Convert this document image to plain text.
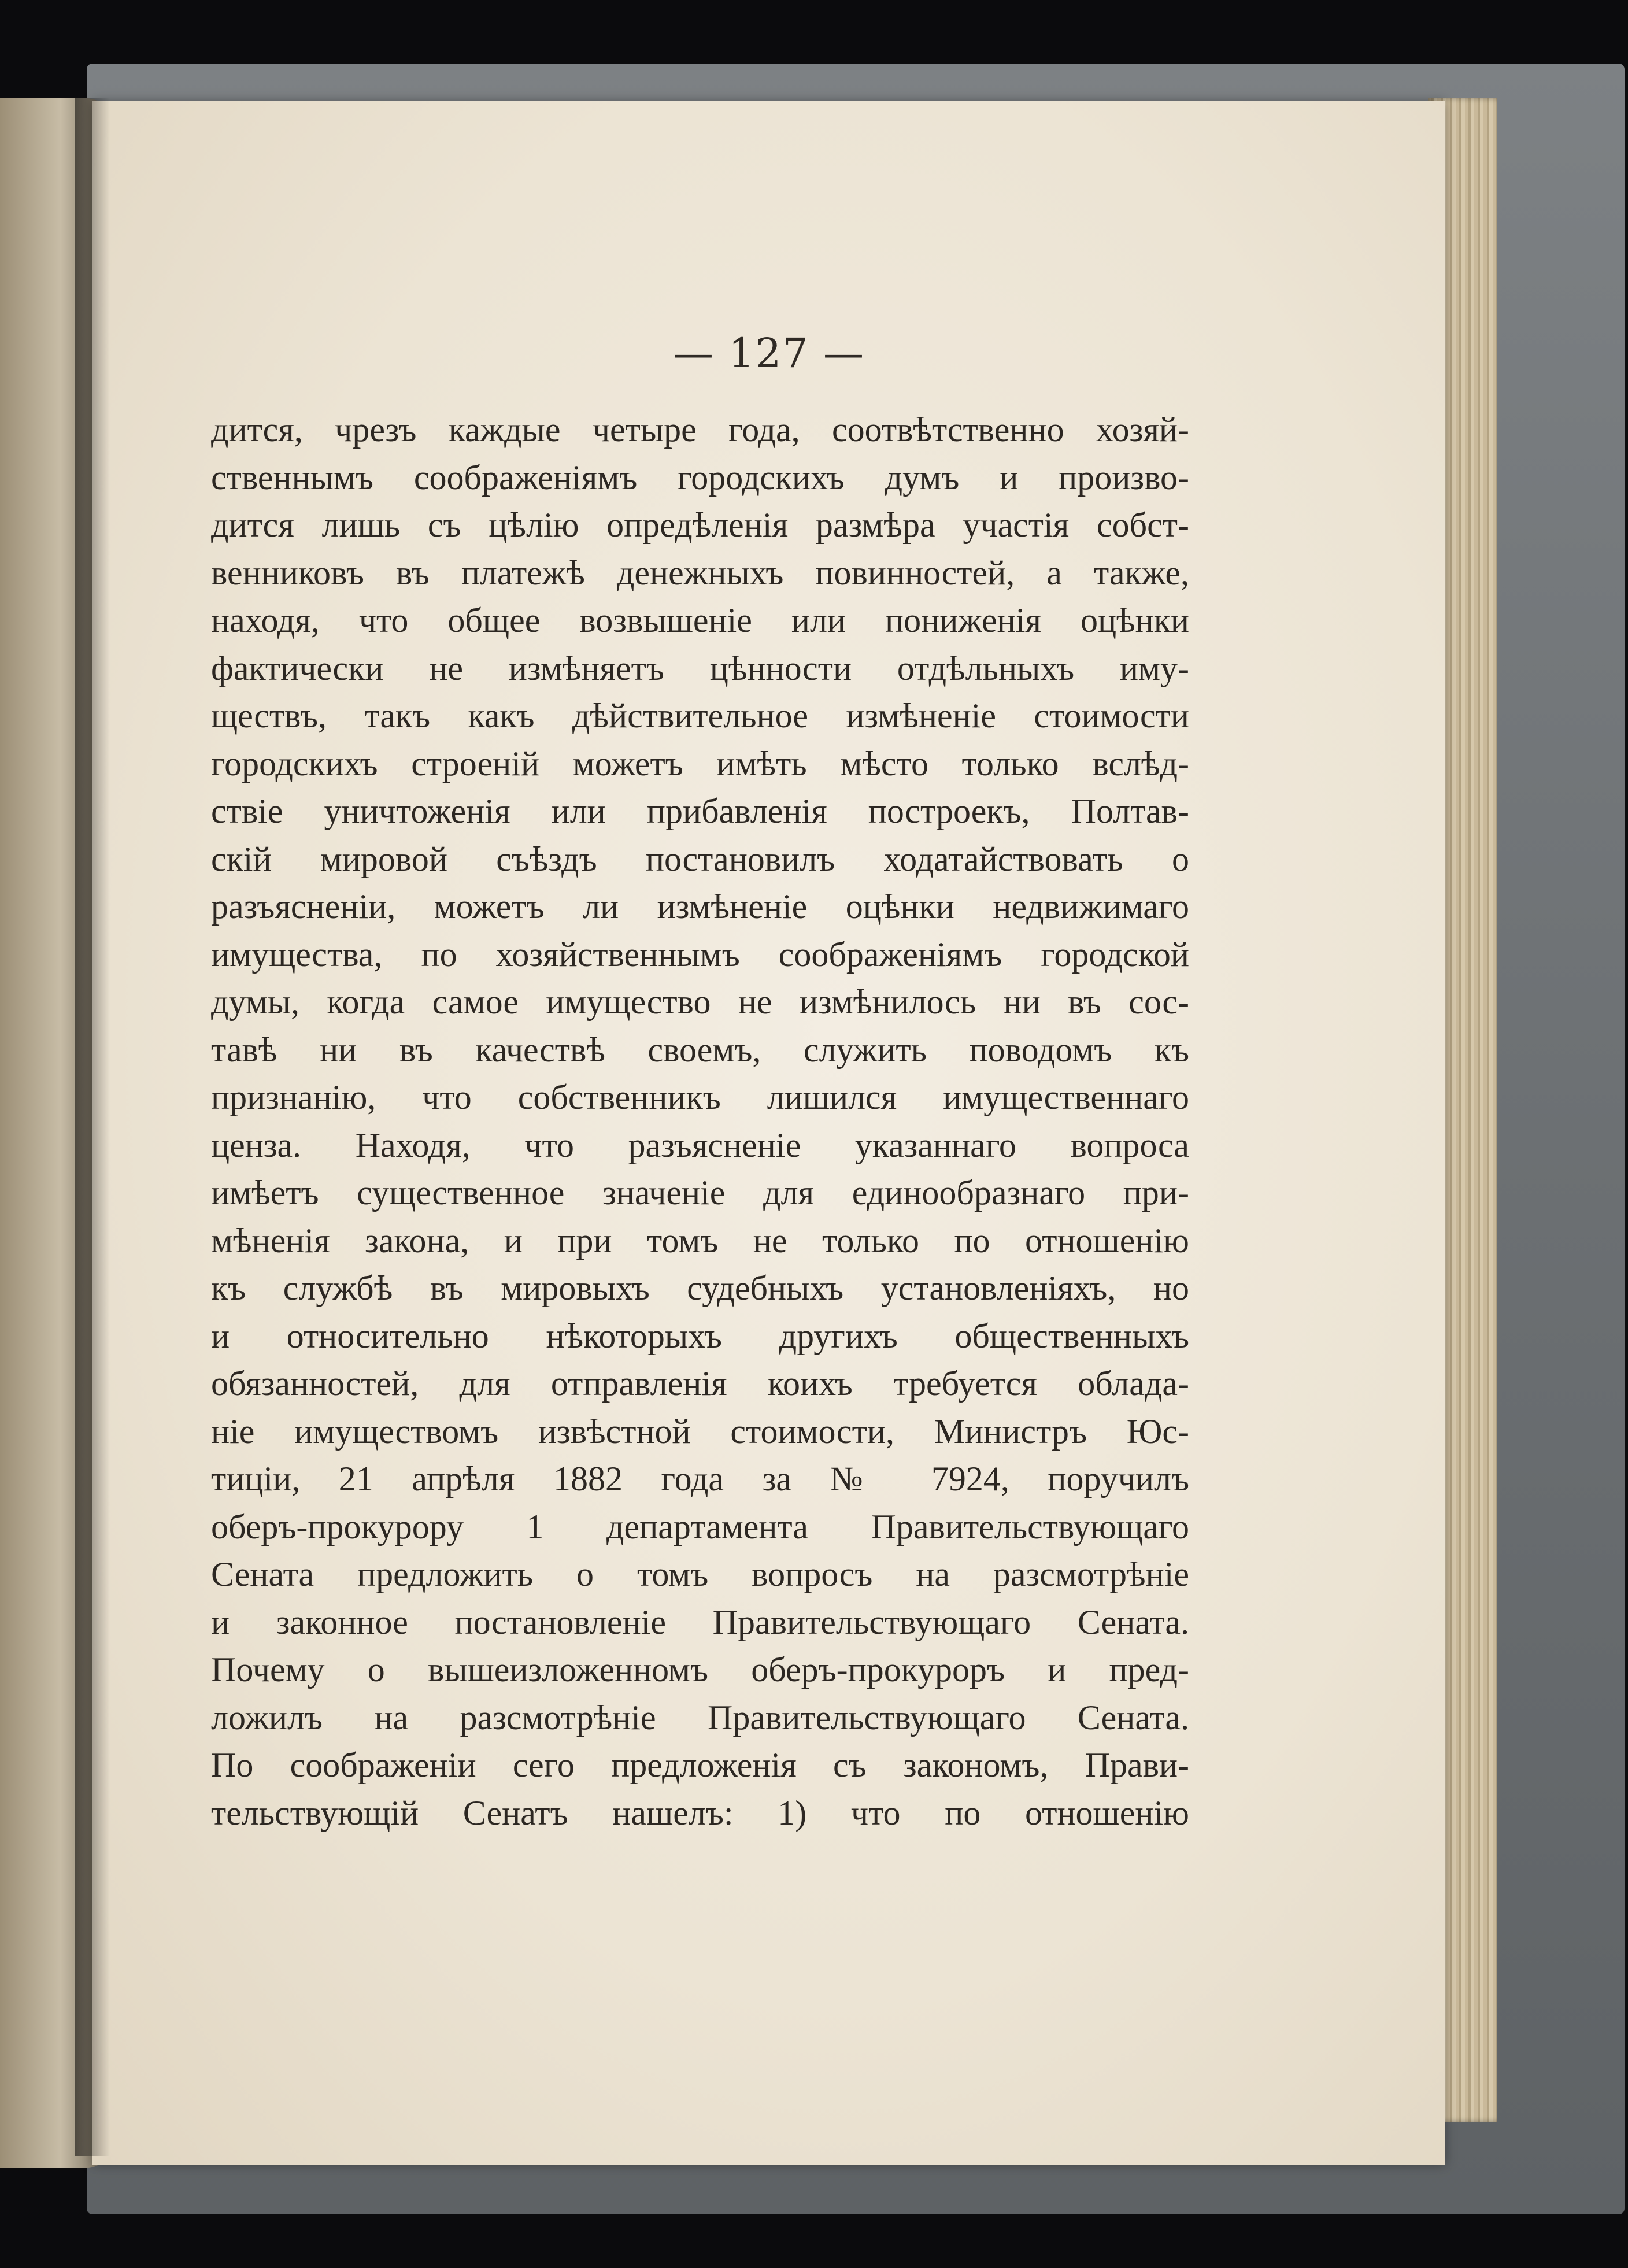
— 127 —
дится, чрезъ каждые четыре года, соотвѣтственно хозяй-
ственнымъ соображеніямъ городскихъ думъ и произво-
дится лишь съ цѣлію опредѣленія размѣра участія собст-
венниковъ въ платежѣ денежныхъ повинностей, а также,
находя, что общее возвышеніе или пониженія оцѣнки
фактически не измѣняетъ цѣнности отдѣльныхъ иму-
ществъ, такъ какъ дѣйствительное измѣненіе стоимости
городскихъ строеній можетъ имѣть мѣсто только вслѣд-
ствіе уничтоженія или прибавленія построекъ, Полтав-
скій мировой съѣздъ постановилъ ходатайствовать о
разъясненіи, можетъ ли измѣненіе оцѣнки недвижимаго
имущества, по хозяйственнымъ соображеніямъ городской
думы, когда самое имущество не измѣнилось ни въ сос-
тавѣ ни въ качествѣ своемъ, служить поводомъ къ
признанію, что собственникъ лишился имущественнаго
ценза. Находя, что разъясненіе указаннаго вопроса
имѣетъ существенное значеніе для единообразнаго при-
мѣненія закона, и при томъ не только по отношенію
къ службѣ въ мировыхъ судебныхъ установленіяхъ, но
и относительно нѣкоторыхъ другихъ общественныхъ
обязанностей, для отправленія коихъ требуется облада-
ніе имуществомъ извѣстной стоимости, Министръ Юс-
тиціи, 21 апрѣля 1882 года за № 7924, поручилъ
оберъ-прокурору 1 департамента Правительствующаго
Сената предложить о томъ вопросъ на разсмотрѣніе
и законное постановленіе Правительствующаго Сената.
Почему о вышеизложенномъ оберъ-прокуроръ и пред-
ложилъ на разсмотрѣніе Правительствующаго Сената.
По соображеніи сего предложенія съ закономъ, Прави-
тельствующій Сенатъ нашелъ: 1) что по отношенію
